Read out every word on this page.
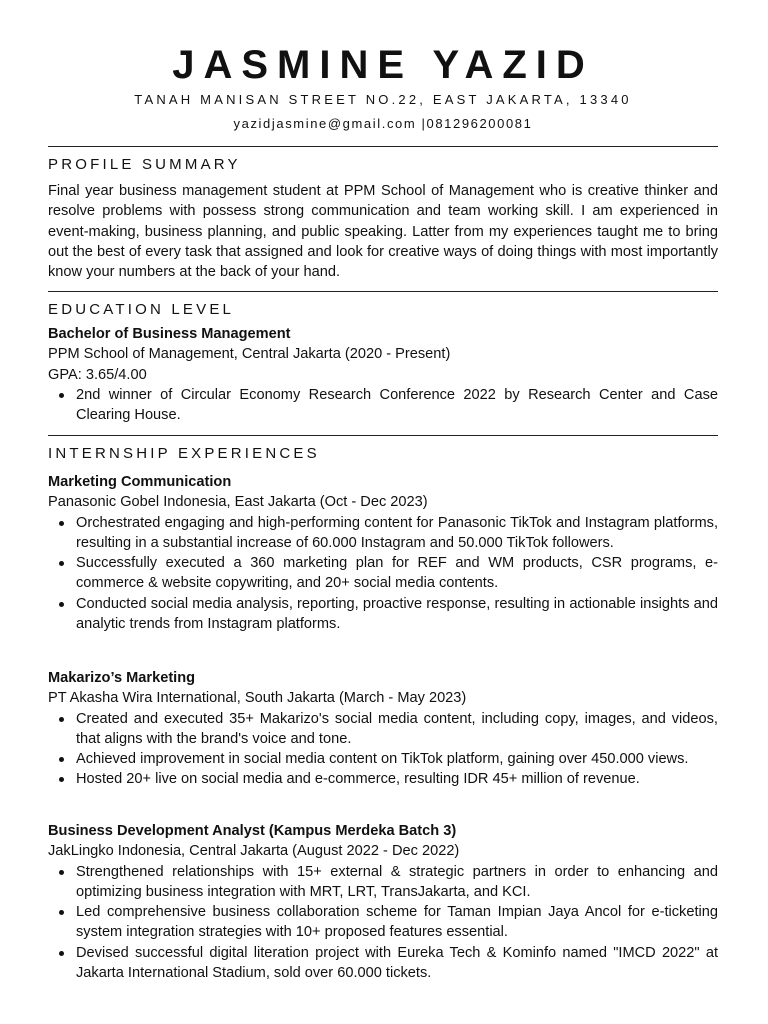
JASMINE YAZID
TANAH MANISAN STREET NO.22, EAST JAKARTA, 13340
yazidjasmine@gmail.com |081296200081
PROFILE SUMMARY
Final year business management student at PPM School of Management who is creative thinker and resolve problems with possess strong communication and team working skill. I am experienced in event-making, business planning, and public speaking. Latter from my experiences taught me to bring out the best of every task that assigned and look for creative ways of doing things with most importantly know your numbers at the back of your hand.
EDUCATION LEVEL
Bachelor of Business Management
PPM School of Management, Central Jakarta (2020 - Present)
GPA: 3.65/4.00
2nd winner of Circular Economy Research Conference 2022 by Research Center and Case Clearing House.
INTERNSHIP EXPERIENCES
Marketing Communication
Panasonic Gobel Indonesia, East Jakarta (Oct - Dec 2023)
Orchestrated engaging and high-performing content for Panasonic TikTok and Instagram platforms, resulting in a substantial increase of 60.000 Instagram and 50.000 TikTok followers.
Successfully executed a 360 marketing plan for REF and WM products, CSR programs, e-commerce & website copywriting, and 20+ social media contents.
Conducted social media analysis, reporting, proactive response, resulting in actionable insights and analytic trends from Instagram platforms.
Makarizo’s Marketing
PT Akasha Wira International, South Jakarta (March - May 2023)
Created and executed 35+ Makarizo's social media content, including copy, images, and videos, that aligns with the brand's voice and tone.
Achieved improvement in social media content on TikTok platform, gaining over 450.000 views.
Hosted 20+ live on social media and e-commerce, resulting IDR 45+ million of revenue.
Business Development Analyst (Kampus Merdeka Batch 3)
JakLingko Indonesia, Central Jakarta (August 2022 - Dec 2022)
Strengthened relationships with 15+ external & strategic partners in order to enhancing and optimizing business integration with MRT, LRT, TransJakarta, and KCI.
Led comprehensive business collaboration scheme for Taman Impian Jaya Ancol for e-ticketing system integration strategies with 10+ proposed features essential.
Devised successful digital literation project with Eureka Tech & Kominfo named "IMCD 2022" at Jakarta International Stadium, sold over 60.000 tickets.
